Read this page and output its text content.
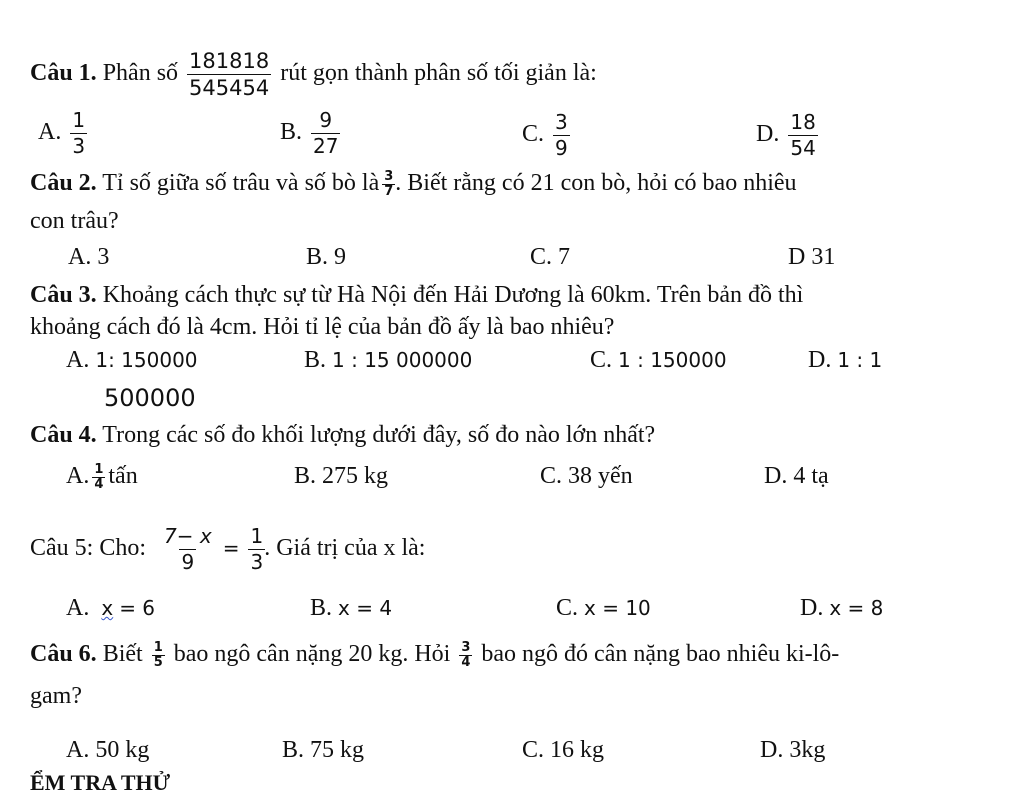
Câu 1. Phân số $\frac{181818}{545454}$ rút gọn thành phân số tối giản là:
A. $\frac{1}{3}$	B. $\frac{9}{27}$	C. $\frac{3}{9}$	D. $\frac{18}{54}$
Câu 2. Tỉ số giữa số trâu và số bò là $\frac{3}{7}$ . Biết rằng có 21 con bò, hỏi có bao nhiêu
con trâu?
A. 3	B. 9	C. 7	D 31
Câu 3. Khoảng cách thực sự từ Hà Nội đến Hải Dương là 60km. Trên bản đồ thì
khoảng cách đó là 4cm. Hỏi tỉ lệ của bản đồ ấy là bao nhiêu?
A. 1: 150000	B. 1 : 15 000000	C. 1 : 150000	D. 1 : 1
500000
Câu 4. Trong các số đo khối lượng dưới đây, số đo nào lớn nhất?
A. $\frac{1}{4}$ tấn	B. 275 kg	C. 38 yến	D. 4 tạ
Câu 5: Cho: $\frac{7- x}{9} = \frac{1}{3}$ . Giá trị của x là:
A. x = 6	B. x = 4	C. x = 10	D. x = 8
Câu 6. Biết $\frac{1}{5}$ bao ngô cân nặng 20 kg. Hỏi $\frac{3}{4}$ bao ngô đó cân nặng bao nhiêu ki-lô-
gam?
A. 50 kg	B. 75 kg	C. 16 kg	D. 3kg
ỂM TRA THỬ
